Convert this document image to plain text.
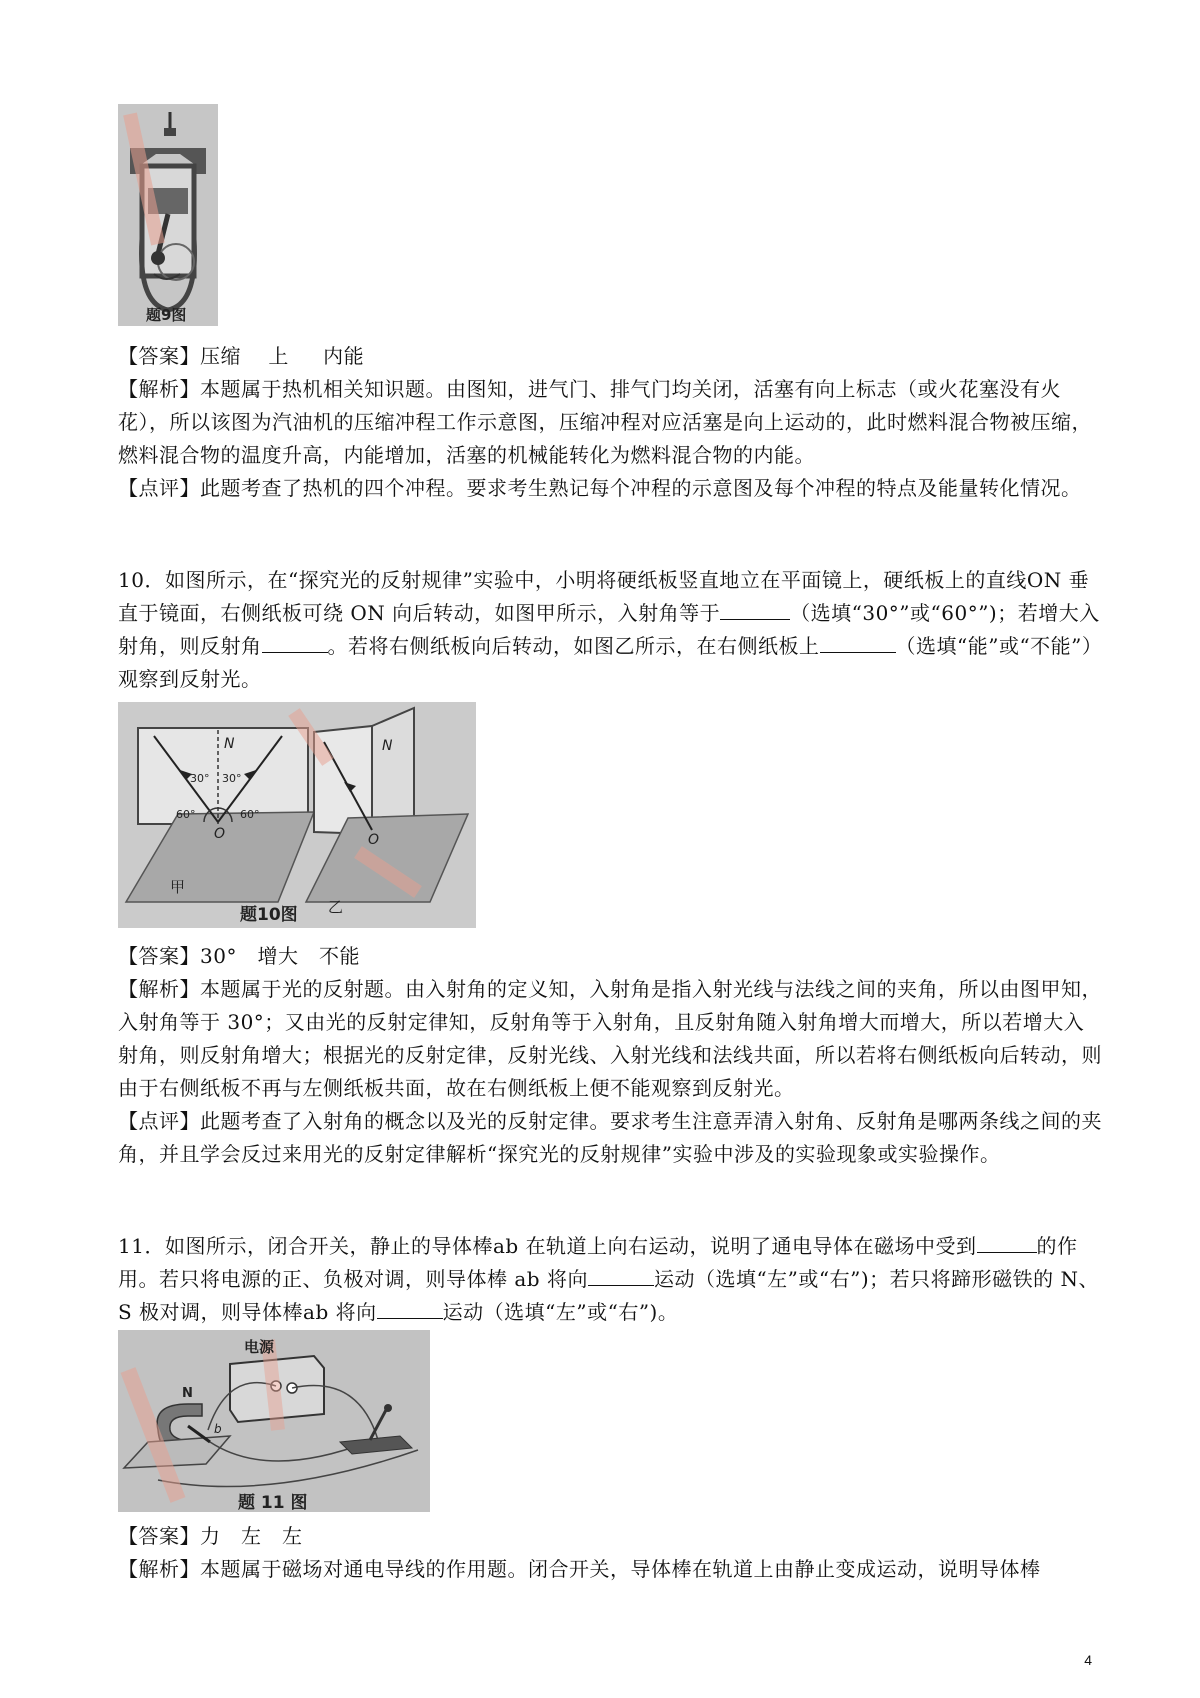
题9图
【答案】压缩　 上 　 内能
【解析】本题属于热机相关知识题。由图知，进气门、排气门均关闭，活塞有向上标志（或火花塞没有火花），所以该图为汽油机的压缩冲程工作示意图，压缩冲程对应活塞是向上运动的，此时燃料混合物被压缩，燃料混合物的温度升高，内能增加，活塞的机械能转化为燃料混合物的内能。
【点评】此题考查了热机的四个冲程。要求考生熟记每个冲程的示意图及每个冲程的特点及能量转化情况。
10．如图所示，在“探究光的反射规律”实验中，小明将硬纸板竖直地立在平面镜上，硬纸板上的直线ON 垂直于镜面，右侧纸板可绕 ON 向后转动，如图甲所示，入射角等于	（选填“30°”或“60°”)；若增大入射角，则反射角	。若将右侧纸板向后转动，如图乙所示，在右侧纸板上	（选填“能”或“不能”）观察到反射光。
N	N
30° 30°
60°	60°
O	O
甲
乙
题10图
【答案】30°　增大　不能
【解析】本题属于光的反射题。由入射角的定义知，入射角是指入射光线与法线之间的夹角，所以由图甲知，入射角等于 30°；又由光的反射定律知，反射角等于入射角，且反射角随入射角增大而增大，所以若增大入射角，则反射角增大；根据光的反射定律，反射光线、入射光线和法线共面，所以若将右侧纸板向后转动，则由于右侧纸板不再与左侧纸板共面，故在右侧纸板上便不能观察到反射光。
【点评】此题考查了入射角的概念以及光的反射定律。要求考生注意弄清入射角、反射角是哪两条线之间的夹角，并且学会反过来用光的反射定律解析“探究光的反射规律”实验中涉及的实验现象或实验操作。
11．如图所示，闭合开关，静止的导体棒ab 在轨道上向右运动，说明了通电导体在磁场中受到	的作用。若只将电源的正、负极对调，则导体棒 ab 将向	运动（选填“左”或“右”)；若只将蹄形磁铁的 N、S 极对调，则导体棒ab 将向	运动（选填“左”或“右”)。
电源
N
b
题 11 图
【答案】力　左　左
【解析】本题属于磁场对通电导线的作用题。闭合开关，导体棒在轨道上由静止变成运动，说明导体棒
4
